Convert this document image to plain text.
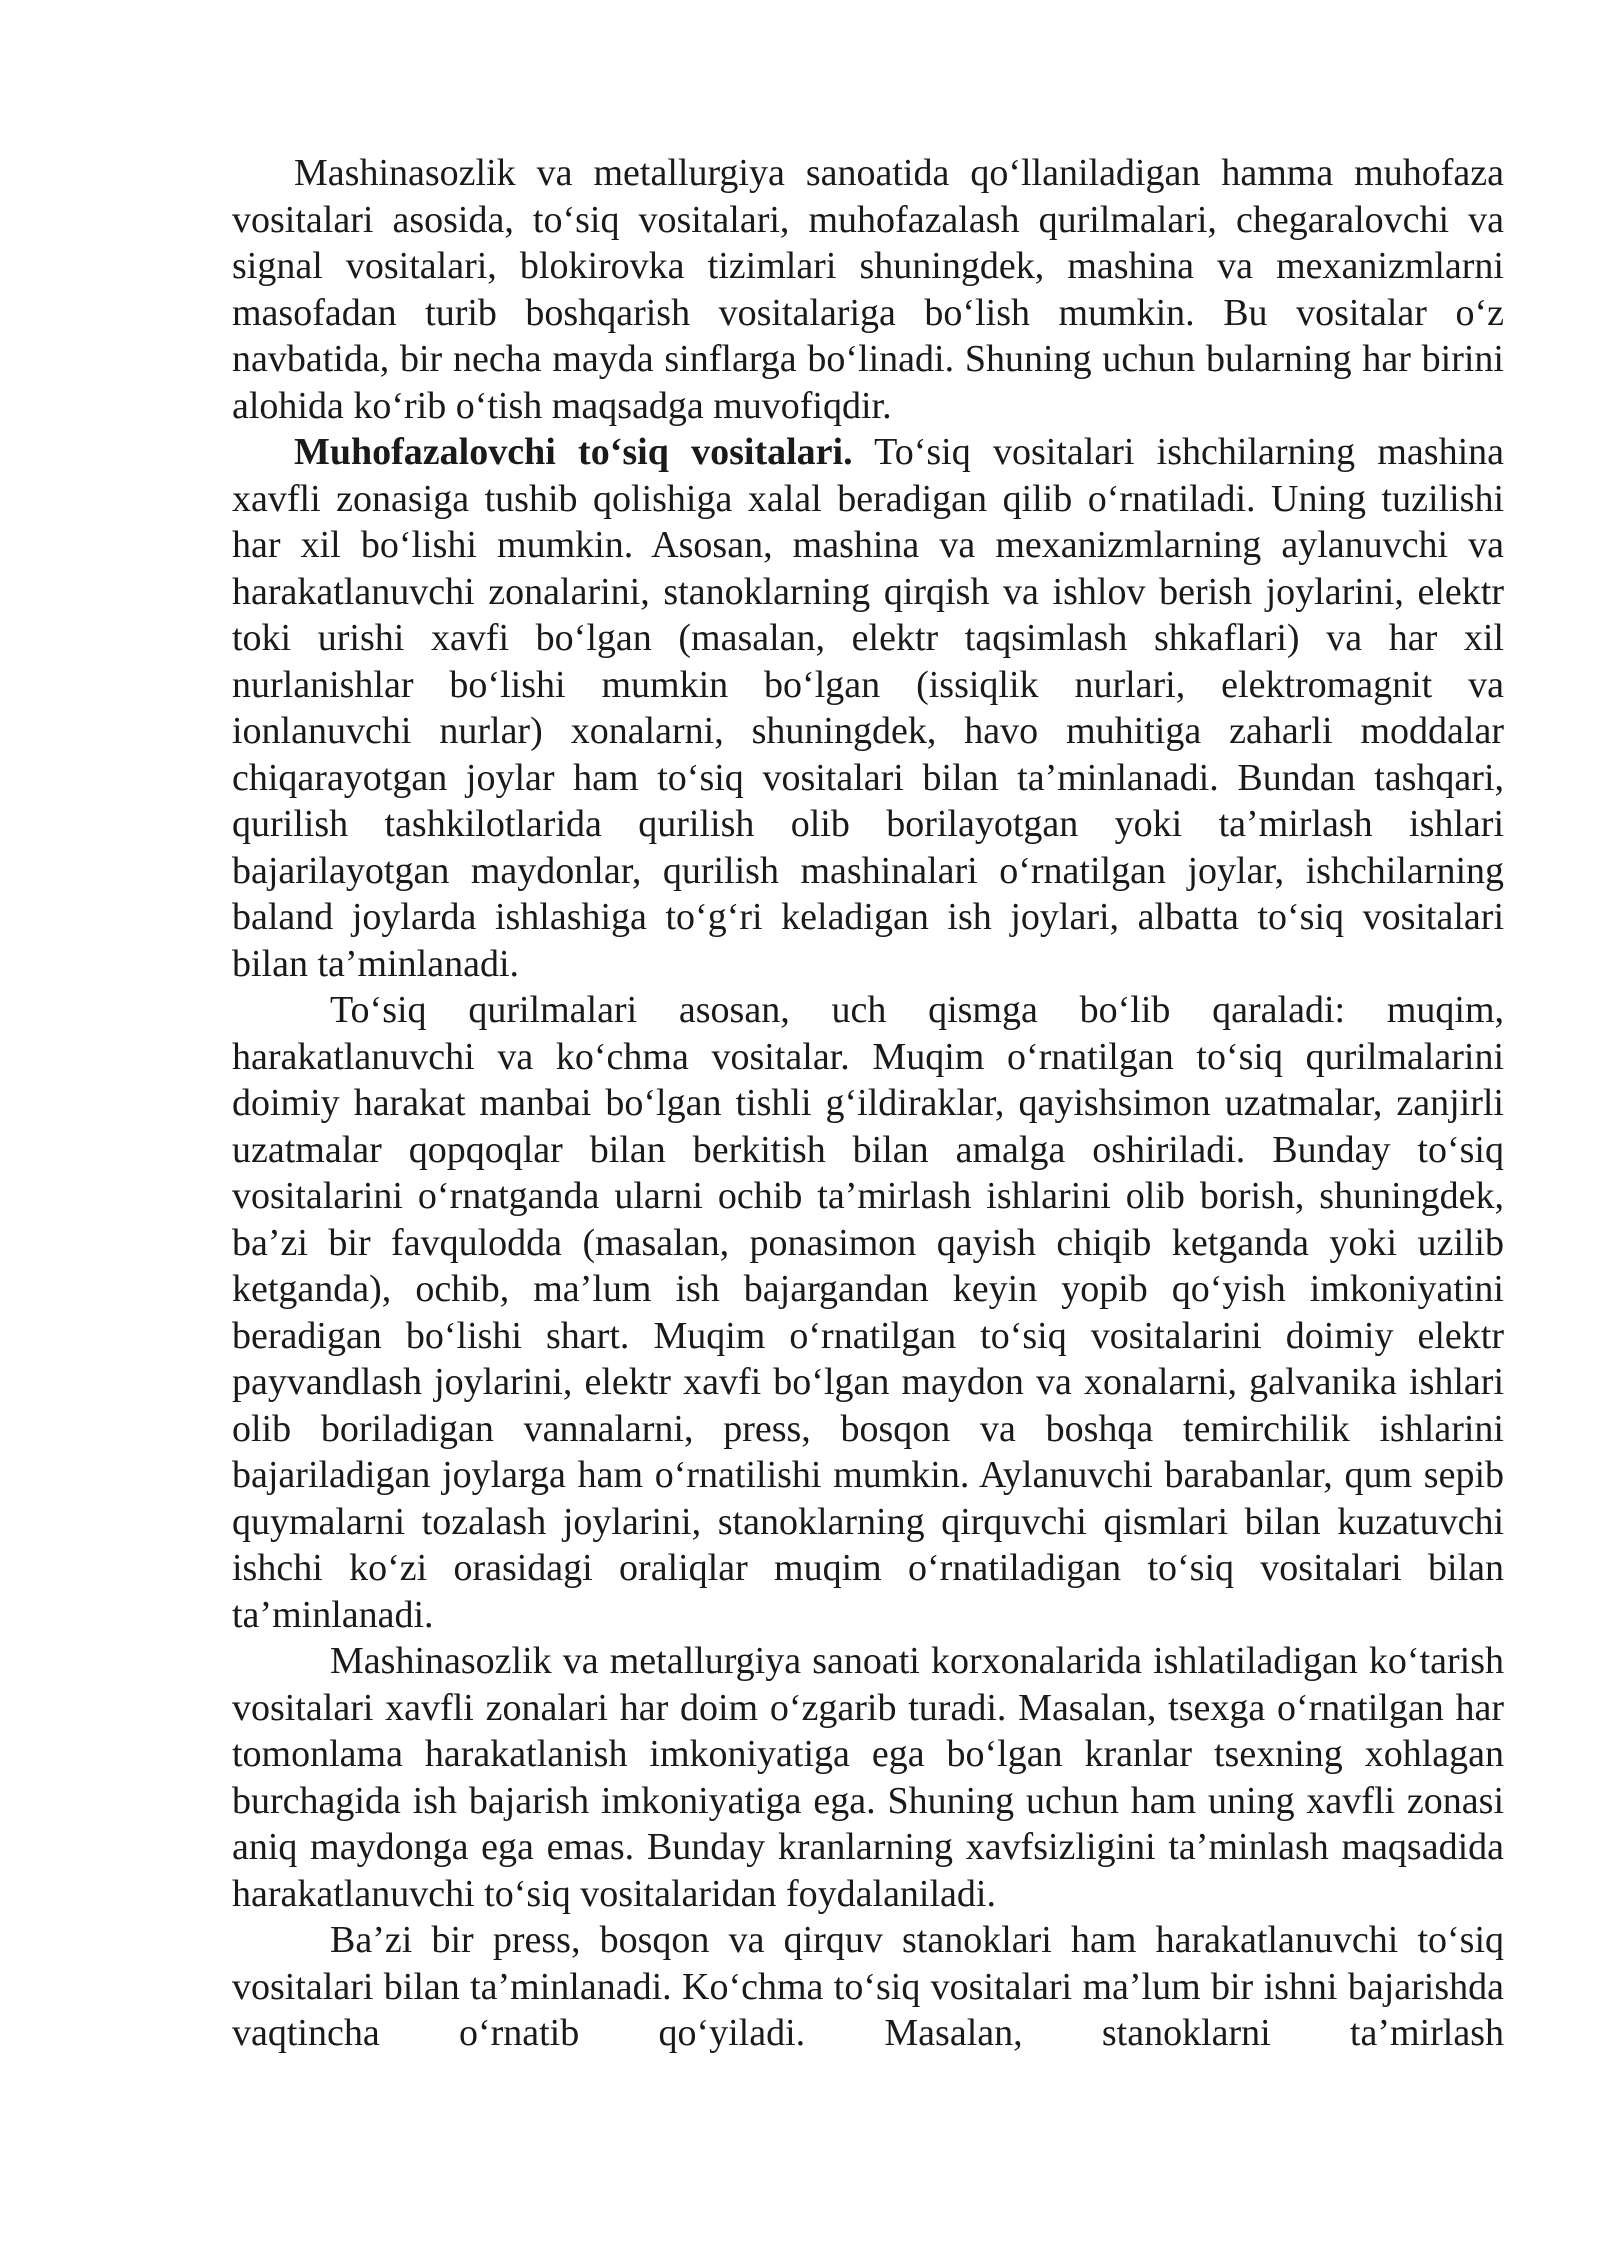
Mashinasozlik va metallurgiya sanoatida qo‘llaniladigan hamma muhofaza vositalari asosida, to‘siq vositalari, muhofazalash qurilmalari, chegaralovchi va signal vositalari, blokirovka tizimlari shuningdek, mashina va mexanizmlarni masofadan turib boshqarish vositalariga bo‘lish mumkin. Bu vositalar o‘z navbatida, bir necha mayda sinflarga bo‘linadi. Shuning uchun bularning har birini alohida ko‘rib o‘tish maqsadga muvofiqdir.

Muhofazalovchi to‘siq vositalari. To‘siq vositalari ishchilarning mashina xavfli zonasiga tushib qolishiga xalal beradigan qilib o‘rnatiladi. Uning tuzilishi har xil bo‘lishi mumkin. Asosan, mashina va mexanizmlarning aylanuvchi va harakatlanuvchi zonalarini, stanoklarning qirqish va ishlov berish joylarini, elektr toki urishi xavfi bo‘lgan (masalan, elektr taqsimlash shkaflari) va har xil nurlanishlar bo‘lishi mumkin bo‘lgan (issiqlik nurlari, elektromagnit va ionlanuvchi nurlar) xonalarni, shuningdek, havo muhitiga zaharli moddalar chiqarayotgan joylar ham to‘siq vositalari bilan ta’minlanadi. Bundan tashqari, qurilish tashkilotlarida qurilish olib borilayotgan yoki ta’mirlash ishlari bajarilayotgan maydonlar, qurilish mashinalari o‘rnatilgan joylar, ishchilarning baland joylarda ishlashiga to‘g‘ri keladigan ish joylari, albatta to‘siq vositalari bilan ta’minlanadi.

To‘siq qurilmalari asosan, uch qismga bo‘lib qaraladi: muqim, harakatlanuvchi va ko‘chma vositalar. Muqim o‘rnatilgan to‘siq qurilmalarini doimiy harakat manbai bo‘lgan tishli g‘ildiraklar, qayishsimon uzatmalar, zanjirli uzatmalar qopqoqlar bilan berkitish bilan amalga oshiriladi. Bunday to‘siq vositalarini o‘rnatganda ularni ochib ta’mirlash ishlarini olib borish, shuningdek, ba’zi bir favqulodda (masalan, ponasimon qayish chiqib ketganda yoki uzilib ketganda), ochib, ma’lum ish bajargandan keyin yopib qo‘yish imkoniyatini beradigan bo‘lishi shart. Muqim o‘rnatilgan to‘siq vositalarini doimiy elektr payvandlash joylarini, elektr xavfi bo‘lgan maydon va xonalarni, galvanika ishlari olib boriladigan vannalarni, press, bosqon va boshqa temirchilik ishlarini bajariladigan joylarga ham o‘rnatilishi mumkin. Aylanuvchi barabanlar, qum sepib quymalarni tozalash joylarini, stanoklarning qirquvchi qismlari bilan kuzatuvchi ishchi ko‘zi orasidagi oraliqlar muqim o‘rnatiladigan to‘siq vositalari bilan ta’minlanadi.

Mashinasozlik va metallurgiya sanoati korxonalarida ishlatiladigan ko‘tarish vositalari xavfli zonalari har doim o‘zgarib turadi. Masalan, tsexga o‘rnatilgan har tomonlama harakatlanish imkoniyatiga ega bo‘lgan kranlar tsexning xohlagan burchagida ish bajarish imkoniyatiga ega. Shuning uchun ham uning xavfli zonasi aniq maydonga ega emas. Bunday kranlarning xavfsizligini ta’minlash maqsadida harakatlanuvchi to‘siq vositalaridan foydalaniladi.

Ba’zi bir press, bosqon va qirquv stanoklari ham harakatlanuvchi to‘siq vositalari bilan ta’minlanadi. Ko‘chma to‘siq vositalari ma’lum bir ishni bajarishda vaqtincha o‘rnatib qo‘yiladi. Masalan, stanoklarni ta’mirlash
